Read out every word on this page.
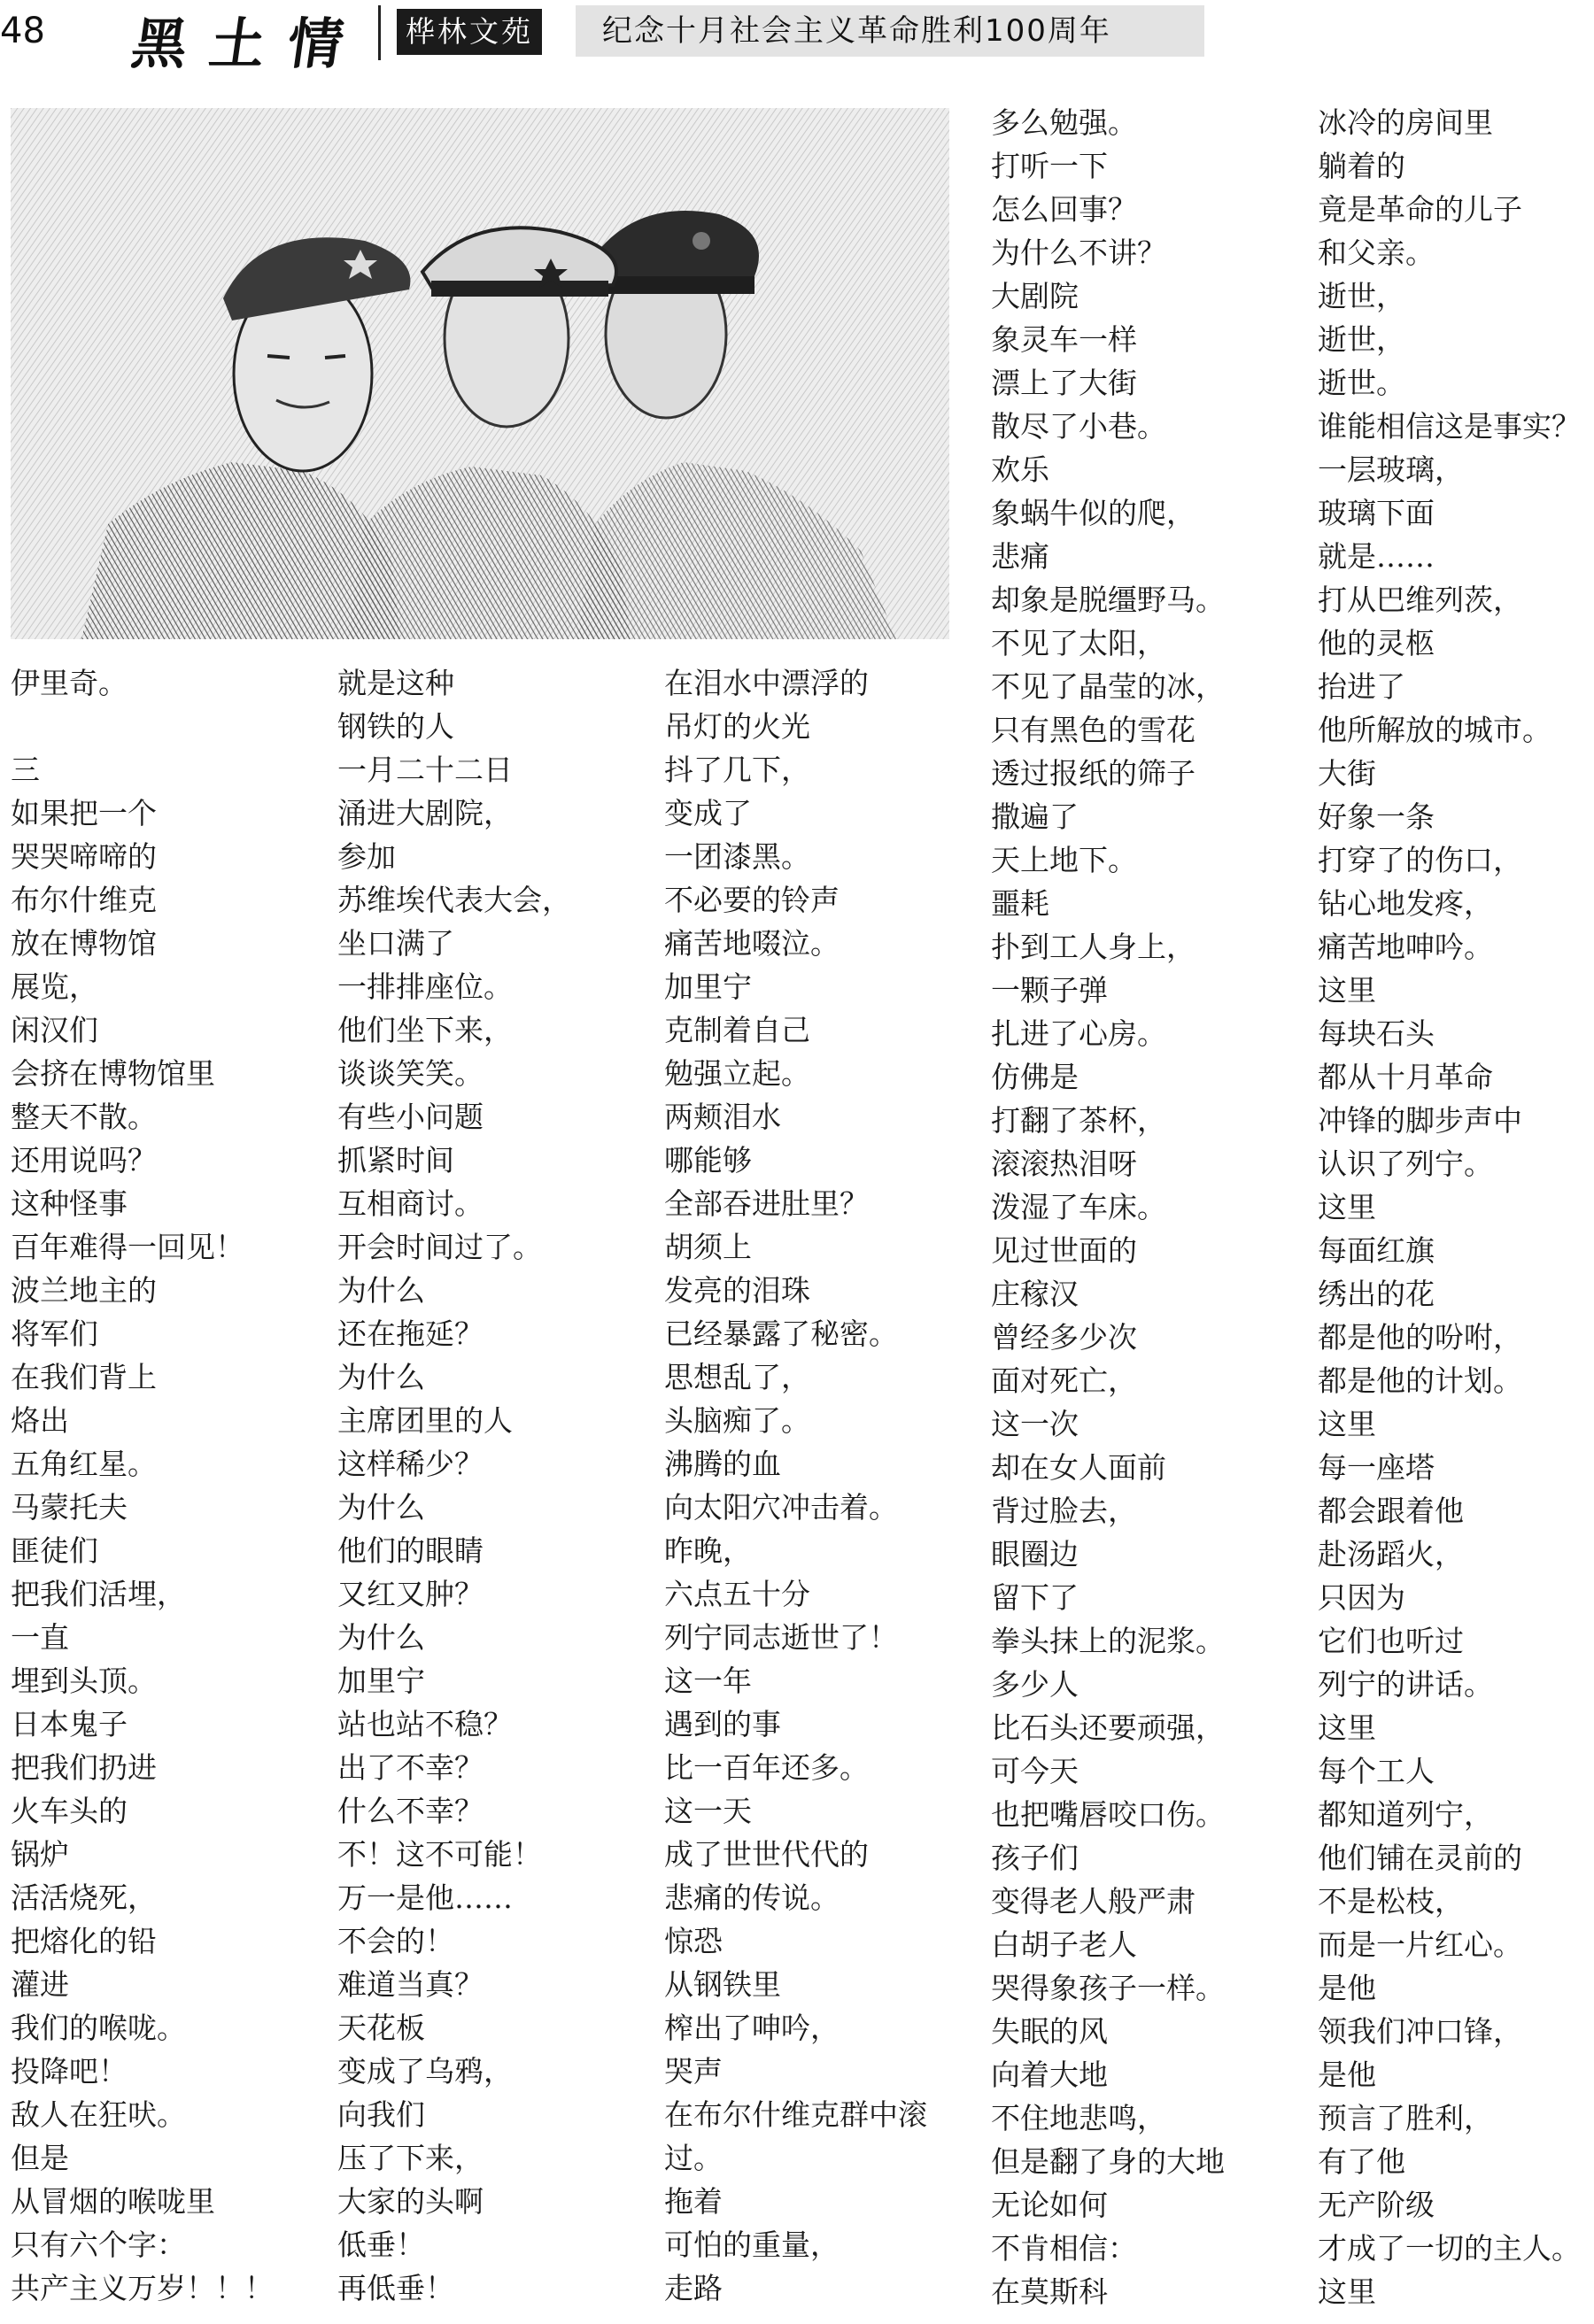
48 黑土情	桦林文苑	纪念十月社会主义革命胜利100周年
伊里奇。
三
如果把一个
哭哭啼啼的
布尔什维克
放在博物馆
展览，
闲汉们
会挤在博物馆里
整天不散。
还用说吗？
这种怪事
百年难得一回见！
波兰地主的
将军们
在我们背上
烙出
五角红星。
马蒙托夫
匪徒们
把我们活埋，
一直
埋到头顶。
日本鬼子
把我们扔进
火车头的
锅炉
活活烧死，
把熔化的铅
灌进
我们的喉咙。
投降吧！
敌人在狂吠。
但是
从冒烟的喉咙里
只有六个字：
共产主义万岁！！！
就是这种
钢铁的人
一月二十二日
涌进大剧院，
参加
苏维埃代表大会，
坐口满了
一排排座位。
他们坐下来，
谈谈笑笑。
有些小问题
抓紧时间
互相商讨。
开会时间过了。
为什么
还在拖延？
为什么
主席团里的人
这样稀少？
为什么
他们的眼睛
又红又肿？
为什么
加里宁
站也站不稳？
出了不幸？
什么不幸？
不！这不可能！
万一是他……
不会的！
难道当真？
天花板
变成了乌鸦，
向我们
压了下来，
大家的头啊
低垂！
再低垂！
在泪水中漂浮的
吊灯的火光
抖了几下，
变成了
一团漆黑。
不必要的铃声
痛苦地啜泣。
加里宁
克制着自己
勉强立起。
两颊泪水
哪能够
全部吞进肚里？
胡须上
发亮的泪珠
已经暴露了秘密。
思想乱了，
头脑痴了。
沸腾的血
向太阳穴冲击着。
昨晚，
六点五十分
列宁同志逝世了！
这一年
遇到的事
比一百年还多。
这一天
成了世世代代的
悲痛的传说。
惊恐
从钢铁里
榨出了呻吟，
哭声
在布尔什维克群中滚过。
拖着
可怕的重量，
走路
多么勉强。
打听一下
怎么回事？
为什么不讲？
大剧院
象灵车一样
漂上了大街
散尽了小巷。
欢乐
象蜗牛似的爬，
悲痛
却象是脱缰野马。
不见了太阳，
不见了晶莹的冰，
只有黑色的雪花
透过报纸的筛子
撒遍了
天上地下。
噩耗
扑到工人身上，
一颗子弹
扎进了心房。
仿佛是
打翻了茶杯，
滚滚热泪呀
泼湿了车床。
见过世面的
庄稼汉
曾经多少次
面对死亡，
这一次
却在女人面前
背过脸去，
眼圈边
留下了
拳头抹上的泥浆。
多少人
比石头还要顽强，
可今天
也把嘴唇咬口伤。
孩子们
变得老人般严肃
白胡子老人
哭得象孩子一样。
失眠的风
向着大地
不住地悲鸣，
但是翻了身的大地
无论如何
不肯相信：
在莫斯科
冰冷的房间里
躺着的
竟是革命的儿子
和父亲。
逝世，
逝世，
逝世。
谁能相信这是事实？
一层玻璃，
玻璃下面
就是……
打从巴维列茨，
他的灵柩
抬进了
他所解放的城市。
大街
好象一条
打穿了的伤口，
钻心地发疼，
痛苦地呻吟。
这里
每块石头
都从十月革命
冲锋的脚步声中
认识了列宁。
这里
每面红旗
绣出的花
都是他的吩咐，
都是他的计划。
这里
每一座塔
都会跟着他
赴汤蹈火，
只因为
它们也听过
列宁的讲话。
这里
每个工人
都知道列宁，
他们铺在灵前的
不是松枝，
而是一片红心。
是他
领我们冲口锋，
是他
预言了胜利，
有了他
无产阶级
才成了一切的主人。
这里
